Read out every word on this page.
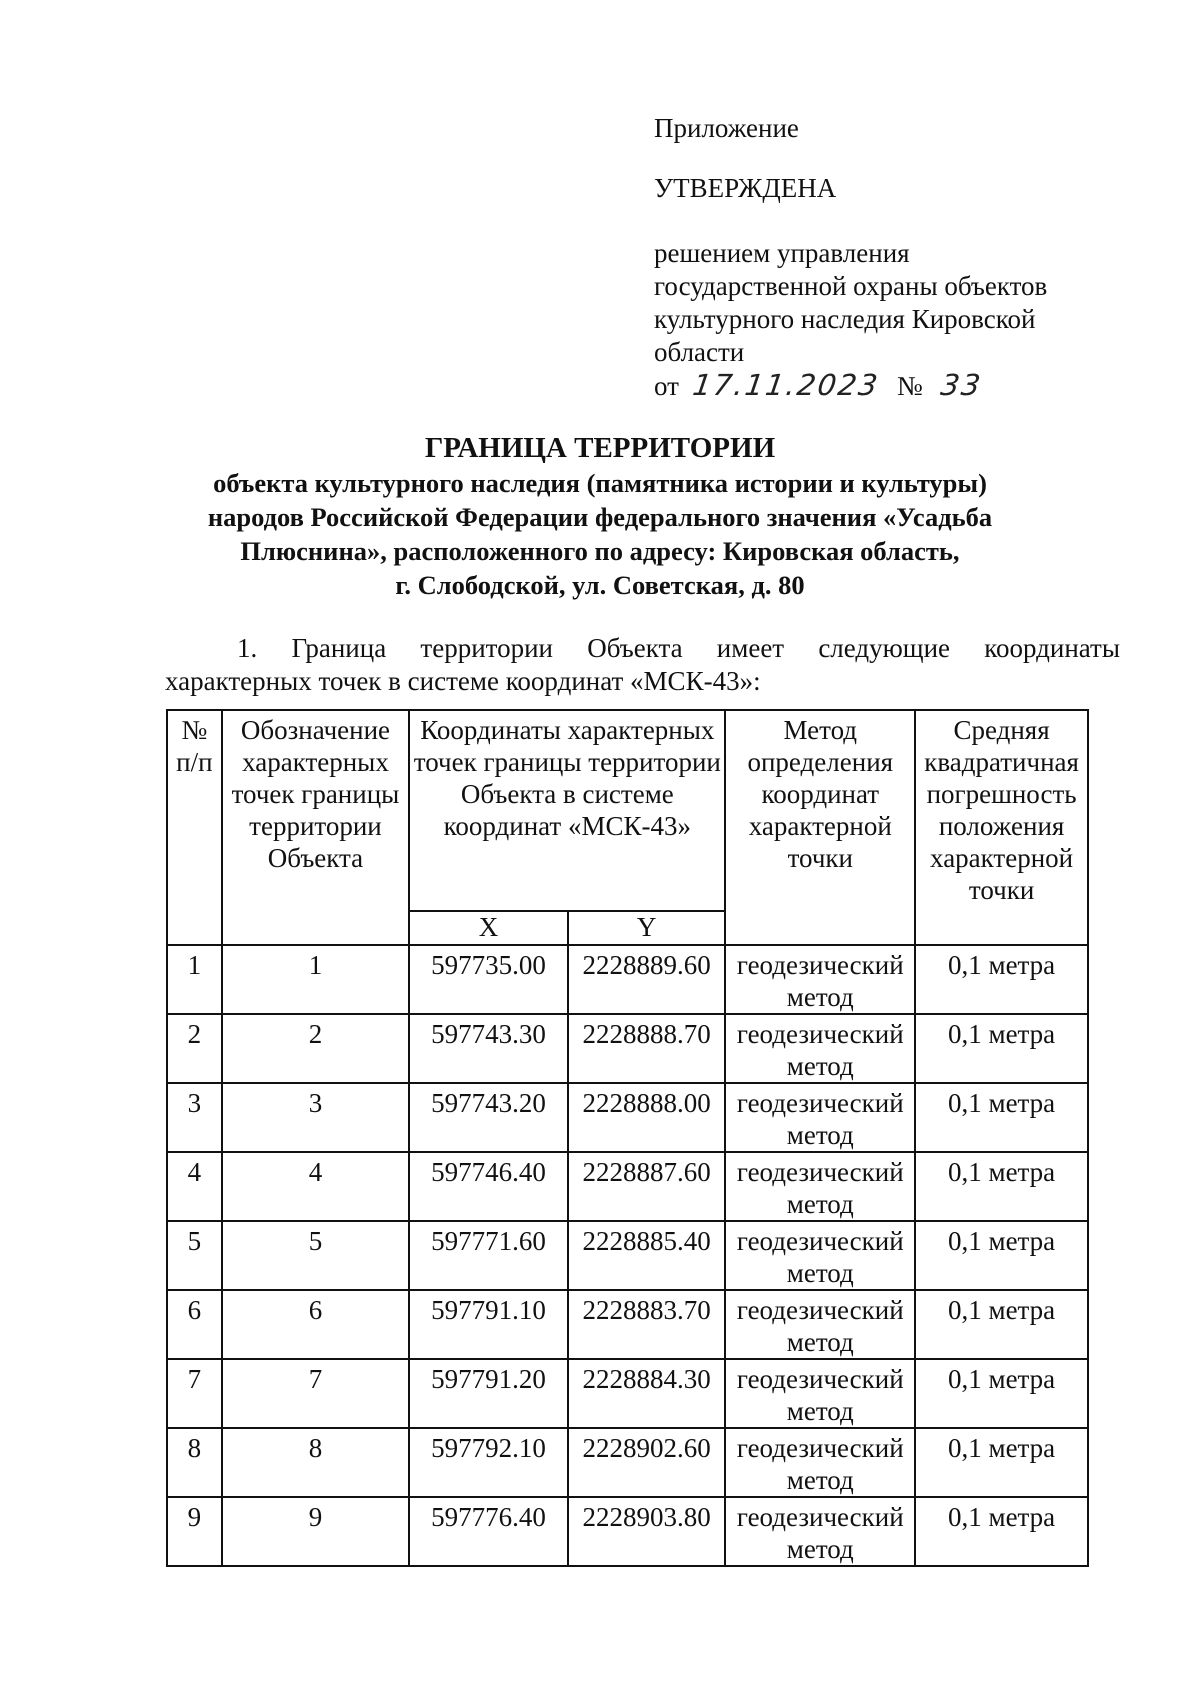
Приложение
УТВЕРЖДЕНА
решением управления
государственной охраны объектов
культурного наследия Кировской
области
от 17.11.2023 № 33
ГРАНИЦА ТЕРРИТОРИИ
объекта культурного наследия (памятника истории и культуры)
народов Российской Федерации федерального значения «Усадьба
Плюснина», расположенного по адресу: Кировская область,
г. Слободской, ул. Советская, д. 80
1. Граница территории Объекта имеет следующие координаты
характерных точек в системе координат «МСК-43»:
№ п/п	Обозначение характерных точек границы территории Объекта	Координаты характерных точек границы территории Объекта в системе координат «МСК-43»		Метод определения координат характерной точки	Средняя квадратичная погрешность положения характерной точки
		X	Y		
1	1	597735.00	2228889.60	геодезический метод	0,1 метра
2	2	597743.30	2228888.70	геодезический метод	0,1 метра
3	3	597743.20	2228888.00	геодезический метод	0,1 метра
4	4	597746.40	2228887.60	геодезический метод	0,1 метра
5	5	597771.60	2228885.40	геодезический метод	0,1 метра
6	6	597791.10	2228883.70	геодезический метод	0,1 метра
7	7	597791.20	2228884.30	геодезический метод	0,1 метра
8	8	597792.10	2228902.60	геодезический метод	0,1 метра
9	9	597776.40	2228903.80	геодезический метод	0,1 метра
